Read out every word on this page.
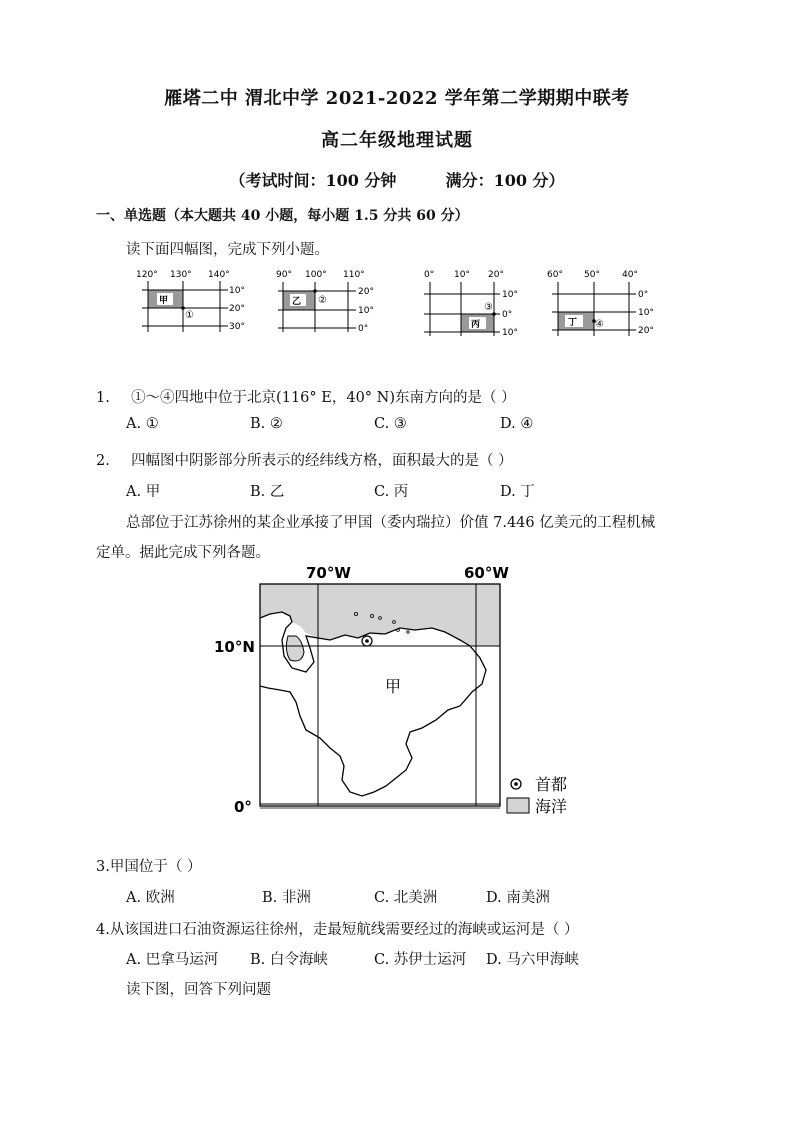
雁塔二中 渭北中学 2021-2022 学年第二学期期中联考
高二年级地理试题
（考试时间：100 分钟	满分：100 分）
一、单选题（本大题共 40 小题，每小题 1.5 分共 60 分）
读下面四幅图，完成下列小题。
120° 130° 140°
甲
①
10°
20°
30°
90° 100° 110°
乙 ②
20°
10°
0°
0° 10° 20°
丙
③
10°
0°
10°
60° 50° 40°
丁 ④
0°
10°
20°
1. ①～④四地中位于北京(116° E，40° N)东南方向的是（ ）
A. ①	B. ②	C. ③	D. ④
2. 四幅图中阴影部分所表示的经纬线方格，面积最大的是（ ）
A. 甲	B. 乙	C. 丙	D. 丁
总部位于江苏徐州的某企业承接了甲国（委内瑞拉）价值 7.446 亿美元的工程机械
定单。据此完成下列各题。
70°W	60°W
10°N
0°
甲
首都
海洋
3.甲国位于（ ）
A. 欧洲	B. 非洲	C. 北美洲	D. 南美洲
4.从该国进口石油资源运往徐州，走最短航线需要经过的海峡或运河是（ ）
A. 巴拿马运河 B. 白令海峡	C. 苏伊士运河 D. 马六甲海峡
读下图，回答下列问题
